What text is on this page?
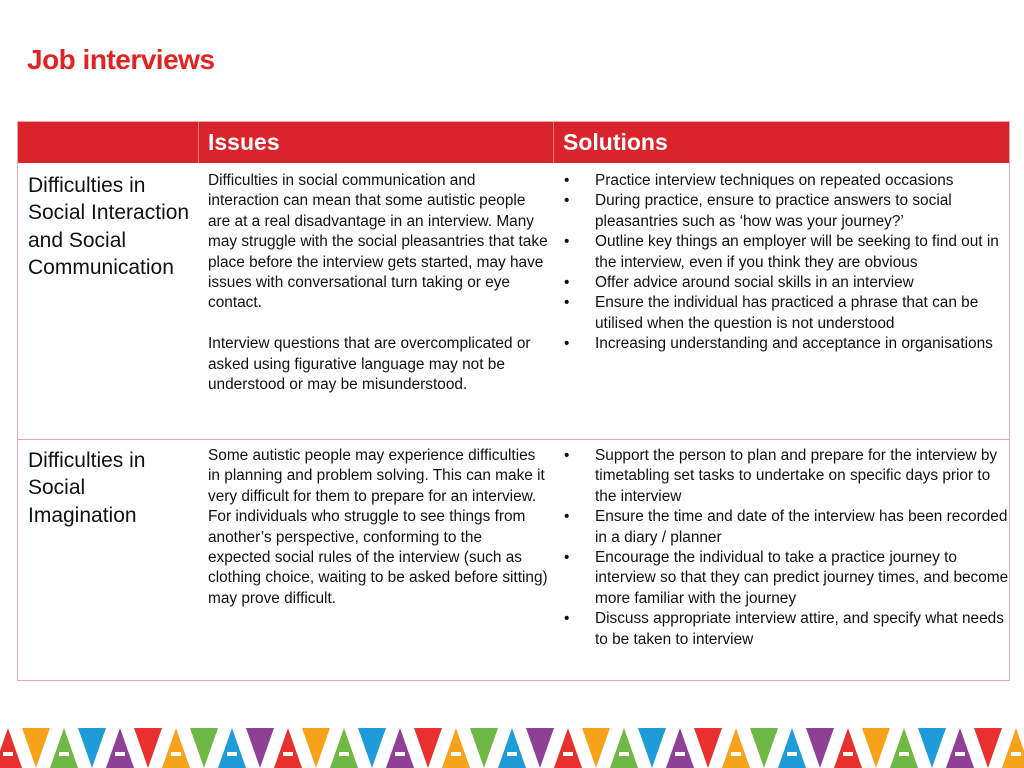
Job interviews
Issues	Solutions
Difficulties in Social Interaction and Social Communication

Difficulties in social communication and interaction can mean that some autistic people are at a real disadvantage in an interview. Many may struggle with the social pleasantries that take place before the interview gets started, may have issues with conversational turn taking or eye contact.

Interview questions that are overcomplicated or asked using figurative language may not be understood or may be misunderstood.

• Practice interview techniques on repeated occasions
• During practice, ensure to practice answers to social pleasantries such as ‘how was your journey?’
• Outline key things an employer will be seeking to find out in the interview, even if you think they are obvious
• Offer advice around social skills in an interview
• Ensure the individual has practiced a phrase that can be utilised when the question is not understood
• Increasing understanding and acceptance in organisations
Difficulties in Social Imagination

Some autistic people may experience difficulties in planning and problem solving. This can make it very difficult for them to prepare for an interview. For individuals who struggle to see things from another’s perspective, conforming to the expected social rules of the interview (such as clothing choice, waiting to be asked before sitting) may prove difficult.

• Support the person to plan and prepare for the interview by timetabling set tasks to undertake on specific days prior to the interview
• Ensure the time and date of the interview has been recorded in a diary / planner
• Encourage the individual to take a practice journey to interview so that they can predict journey times, and become more familiar with the journey
• Discuss appropriate interview attire, and specify what needs to be taken to interview
